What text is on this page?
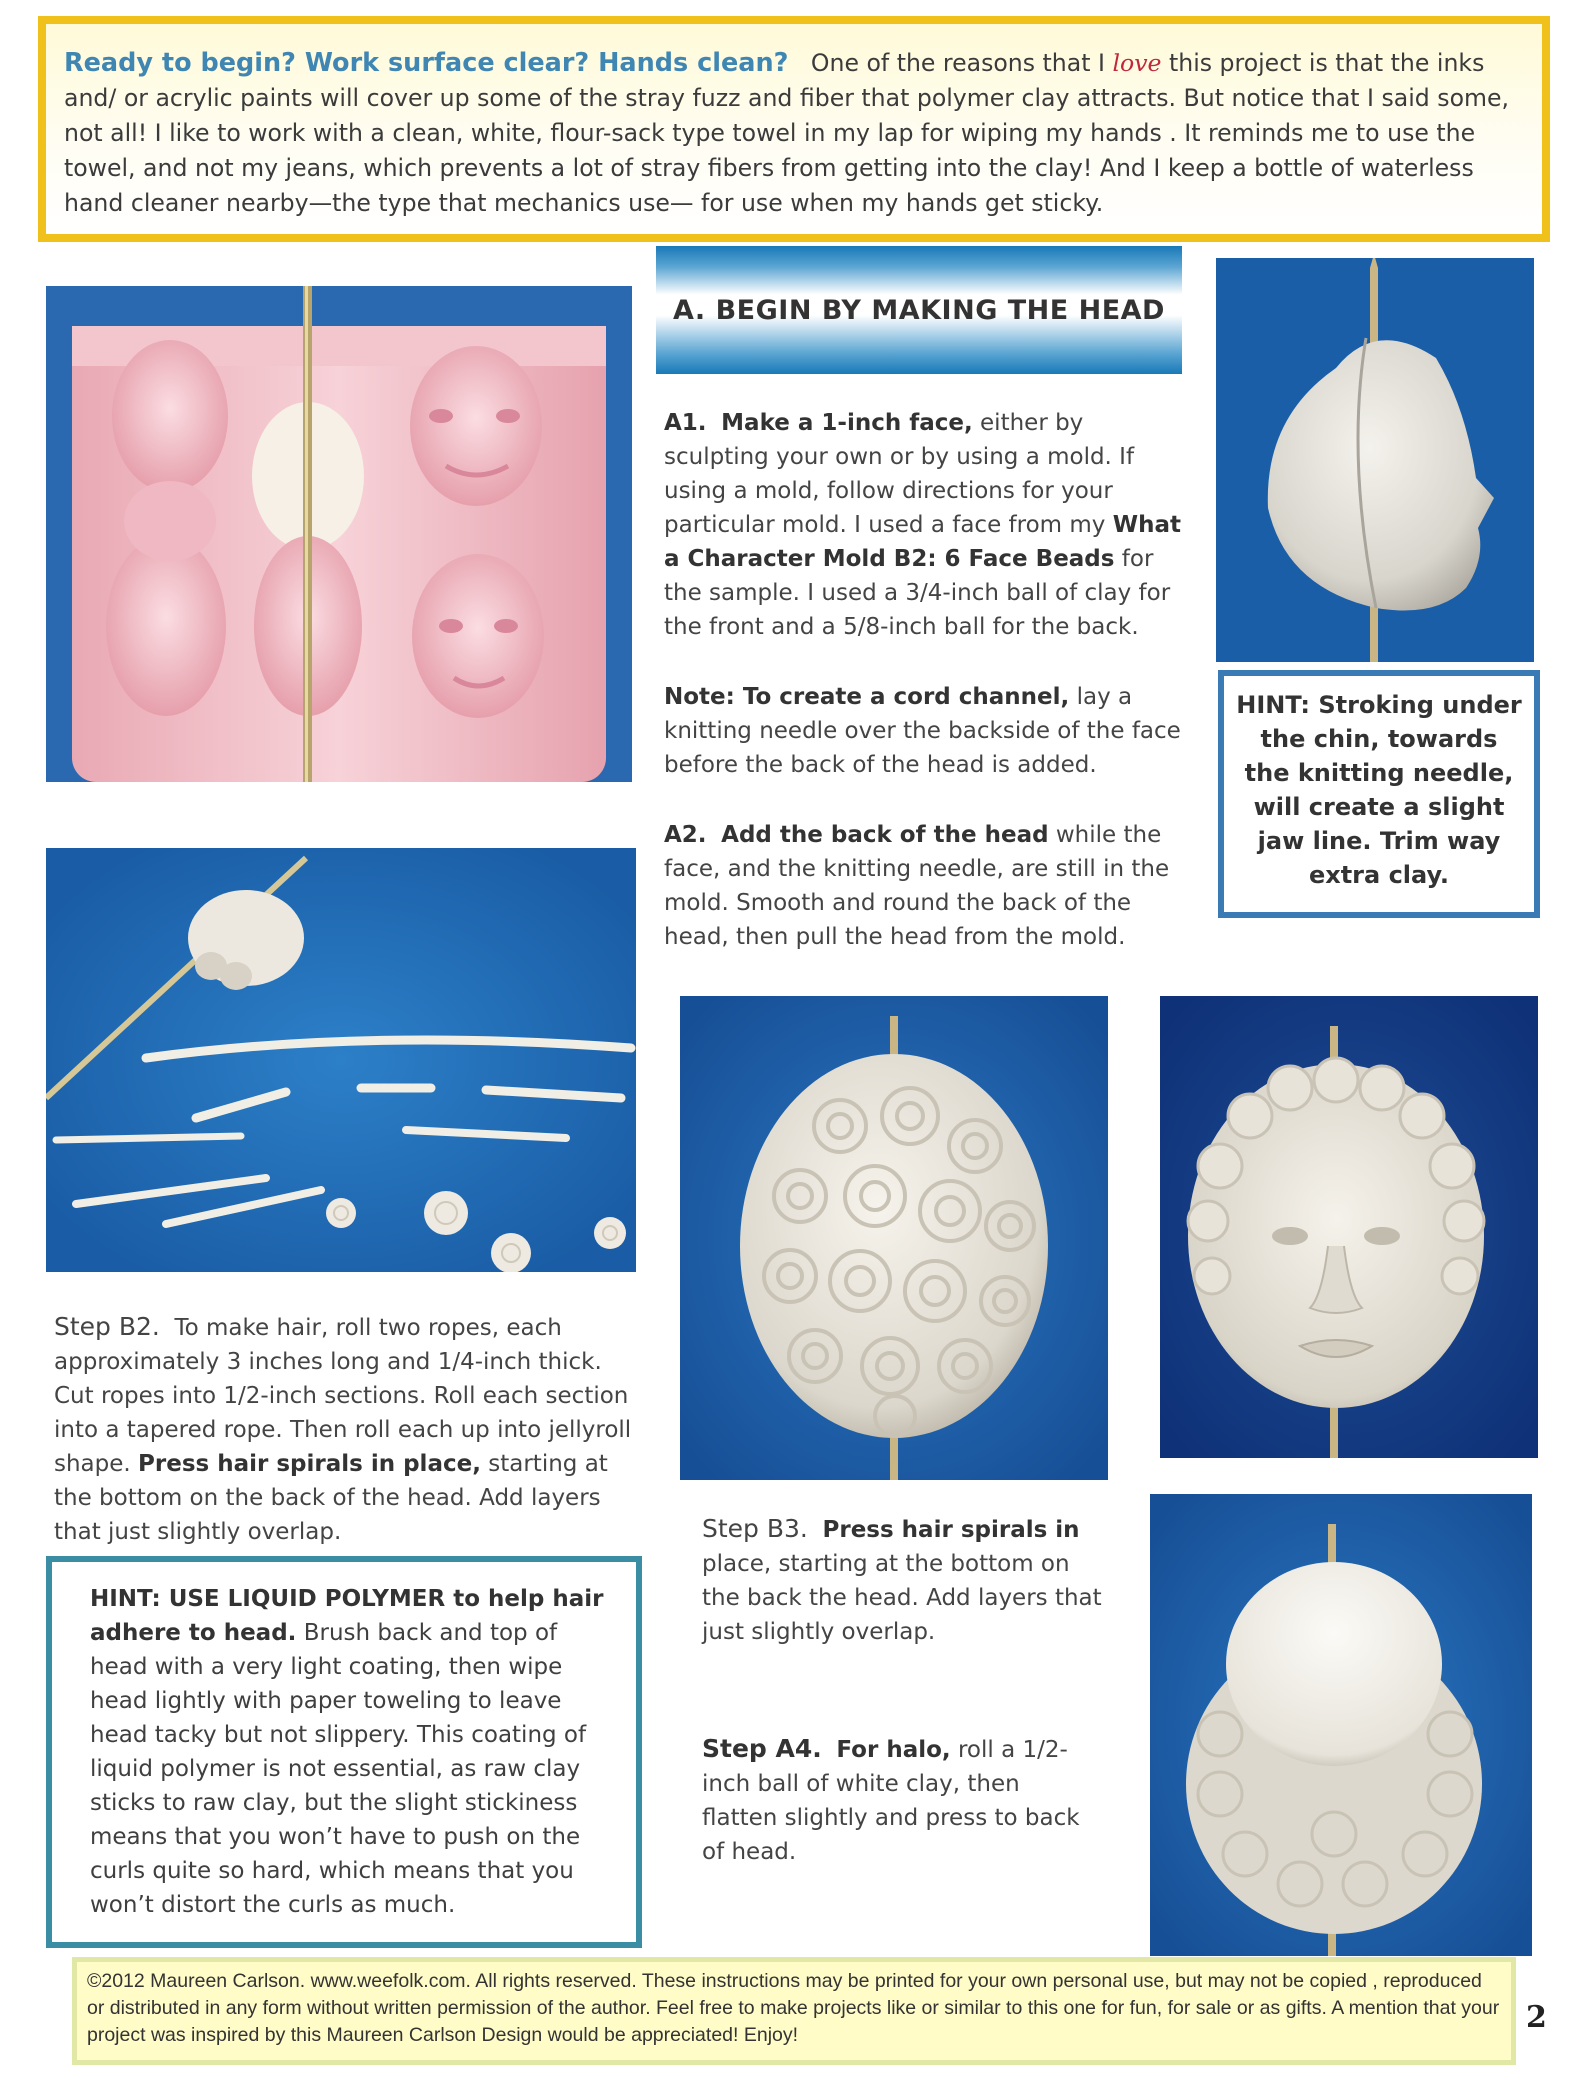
Ready to begin? Work surface clear? Hands clean? One of the reasons that I love this project is that the inks and/ or acrylic paints will cover up some of the stray fuzz and fiber that polymer clay attracts. But notice that I said some, not all! I like to work with a clean, white, flour-sack type towel in my lap for wiping my hands . It reminds me to use the towel, and not my jeans, which prevents a lot of stray fibers from getting into the clay! And I keep a bottle of waterless hand cleaner nearby—the type that mechanics use— for use when my hands get sticky.
A. BEGIN BY MAKING THE HEAD
A1. Make a 1-inch face, either by sculpting your own or by using a mold. If using a mold, follow directions for your particular mold. I used a face from my What a Character Mold B2: 6 Face Beads for the sample. I used a 3/4-inch ball of clay for the front and a 5/8-inch ball for the back.
Note: To create a cord channel, lay a knitting needle over the backside of the face before the back of the head is added.
A2. Add the back of the head while the face, and the knitting needle, are still in the mold. Smooth and round the back of the head, then pull the head from the mold.
HINT: Stroking under the chin, towards the knitting needle, will create a slight jaw line. Trim way extra clay.
Step B2. To make hair, roll two ropes, each approximately 3 inches long and 1/4-inch thick. Cut ropes into 1/2-inch sections. Roll each section into a tapered rope. Then roll each up into jellyroll shape. Press hair spirals in place, starting at the bottom on the back of the head. Add layers that just slightly overlap.
HINT: USE LIQUID POLYMER to help hair adhere to head. Brush back and top of head with a very light coating, then wipe head lightly with paper toweling to leave head tacky but not slippery. This coating of liquid polymer is not essential, as raw clay sticks to raw clay, but the slight stickiness means that you won’t have to push on the curls quite so hard, which means that you won’t distort the curls as much.
Step B3. Press hair spirals in place, starting at the bottom on the back the head. Add layers that just slightly overlap.
Step A4. For halo, roll a 1/2-inch ball of white clay, then flatten slightly and press to back of head.
©2012 Maureen Carlson. www.weefolk.com. All rights reserved. These instructions may be printed for your own personal use, but may not be copied , reproduced or distributed in any form without written permission of the author. Feel free to make projects like or similar to this one for fun, for sale or as gifts. A mention that your project was inspired by this Maureen Carlson Design would be appreciated! Enjoy!	2
